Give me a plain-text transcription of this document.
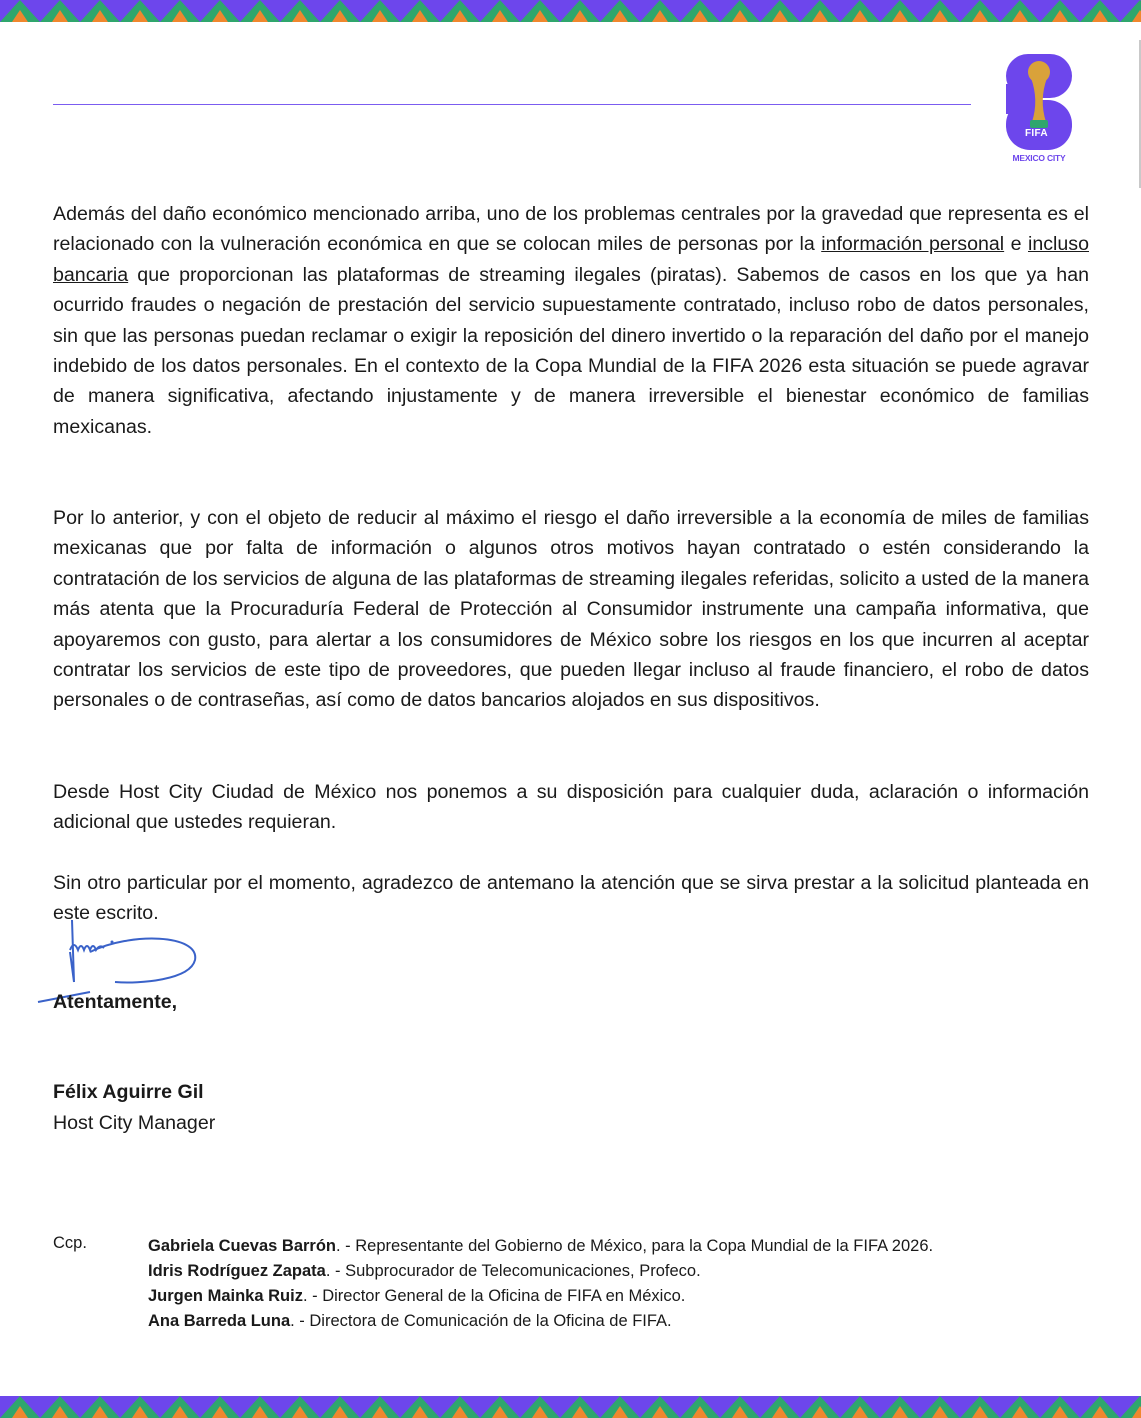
FIFA
MEXICO CITY

Además del daño económico mencionado arriba, uno de los problemas centrales por la gravedad que representa es el relacionado con la vulneración económica en que se colocan miles de personas por la información personal e incluso bancaria que proporcionan las plataformas de streaming ilegales (piratas). Sabemos de casos en los que ya han ocurrido fraudes o negación de prestación del servicio supuestamente contratado, incluso robo de datos personales, sin que las personas puedan reclamar o exigir la reposición del dinero invertido o la reparación del daño por el manejo indebido de los datos personales. En el contexto de la Copa Mundial de la FIFA 2026 esta situación se puede agravar de manera significativa, afectando injustamente y de manera irreversible el bienestar económico de familias mexicanas.

Por lo anterior, y con el objeto de reducir al máximo el riesgo el daño irreversible a la economía de miles de familias mexicanas que por falta de información o algunos otros motivos hayan contratado o estén considerando la contratación de los servicios de alguna de las plataformas de streaming ilegales referidas, solicito a usted de la manera más atenta que la Procuraduría Federal de Protección al Consumidor instrumente una campaña informativa, que apoyaremos con gusto, para alertar a los consumidores de México sobre los riesgos en los que incurren al aceptar contratar los servicios de este tipo de proveedores, que pueden llegar incluso al fraude financiero, el robo de datos personales o de contraseñas, así como de datos bancarios alojados en sus dispositivos.

Desde Host City Ciudad de México nos ponemos a su disposición para cualquier duda, aclaración o información adicional que ustedes requieran.

Sin otro particular por el momento, agradezco de antemano la atención que se sirva prestar a la solicitud planteada en este escrito.

Atentamente,

Félix Aguirre Gil

Host City Manager

Ccp.	Gabriela Cuevas Barrón. - Representante del Gobierno de México, para la Copa Mundial de la FIFA 2026.
Idris Rodríguez Zapata. - Subprocurador de Telecomunicaciones, Profeco.
Jurgen Mainka Ruiz. - Director General de la Oficina de FIFA en México.
Ana Barreda Luna. - Directora de Comunicación de la Oficina de FIFA.
